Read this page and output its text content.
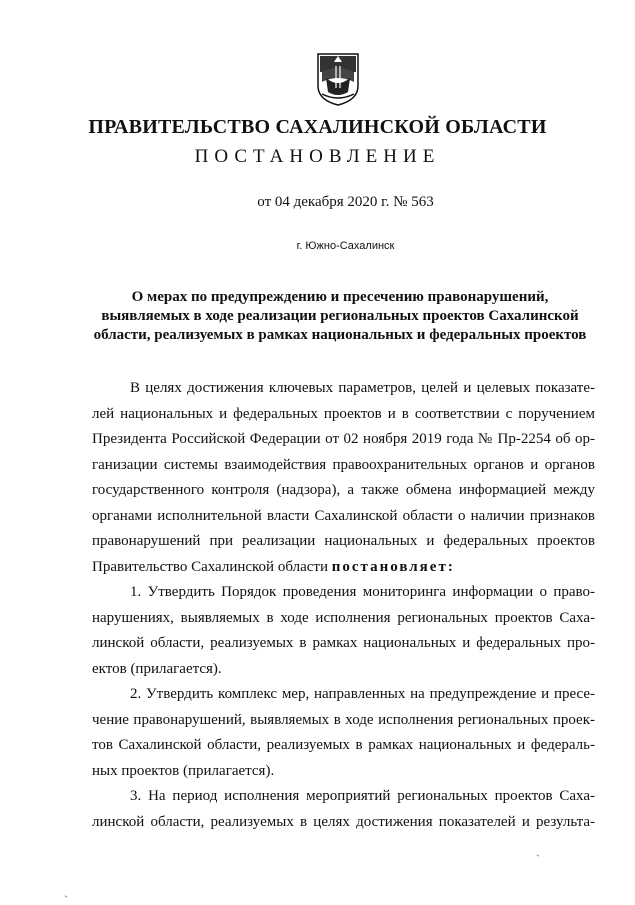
ПРАВИТЕЛЬСТВО САХАЛИНСКОЙ ОБЛАСТИ
ПОСТАНОВЛЕНИЕ
от 04 декабря 2020 г. № 563
г. Южно-Сахалинск
О мерах по предупреждению и пресечению правонарушений,
выявляемых в ходе реализации региональных проектов Сахалинской
области, реализуемых в рамках национальных и федеральных проектов
В целях достижения ключевых параметров, целей и целевых показате-
лей национальных и федеральных проектов и в соответствии с поручением
Президента Российской Федерации от 02 ноября 2019 года № Пр-2254 об ор-
ганизации системы взаимодействия правоохранительных органов и органов
государственного контроля (надзора), а также обмена информацией между
органами исполнительной власти Сахалинской области о наличии признаков
правонарушений при реализации национальных и федеральных проектов
Правительство Сахалинской области постановляет:
1. Утвердить Порядок проведения мониторинга информации о право-
нарушениях, выявляемых в ходе исполнения региональных проектов Саха-
линской области, реализуемых в рамках национальных и федеральных про-
ектов (прилагается).
2. Утвердить комплекс мер, направленных на предупреждение и пресе-
чение правонарушений, выявляемых в ходе исполнения региональных проек-
тов Сахалинской области, реализуемых в рамках национальных и федераль-
ных проектов (прилагается).
3. На период исполнения мероприятий региональных проектов Саха-
линской области, реализуемых в целях достижения показателей и результа-
ˋ
ˎ
